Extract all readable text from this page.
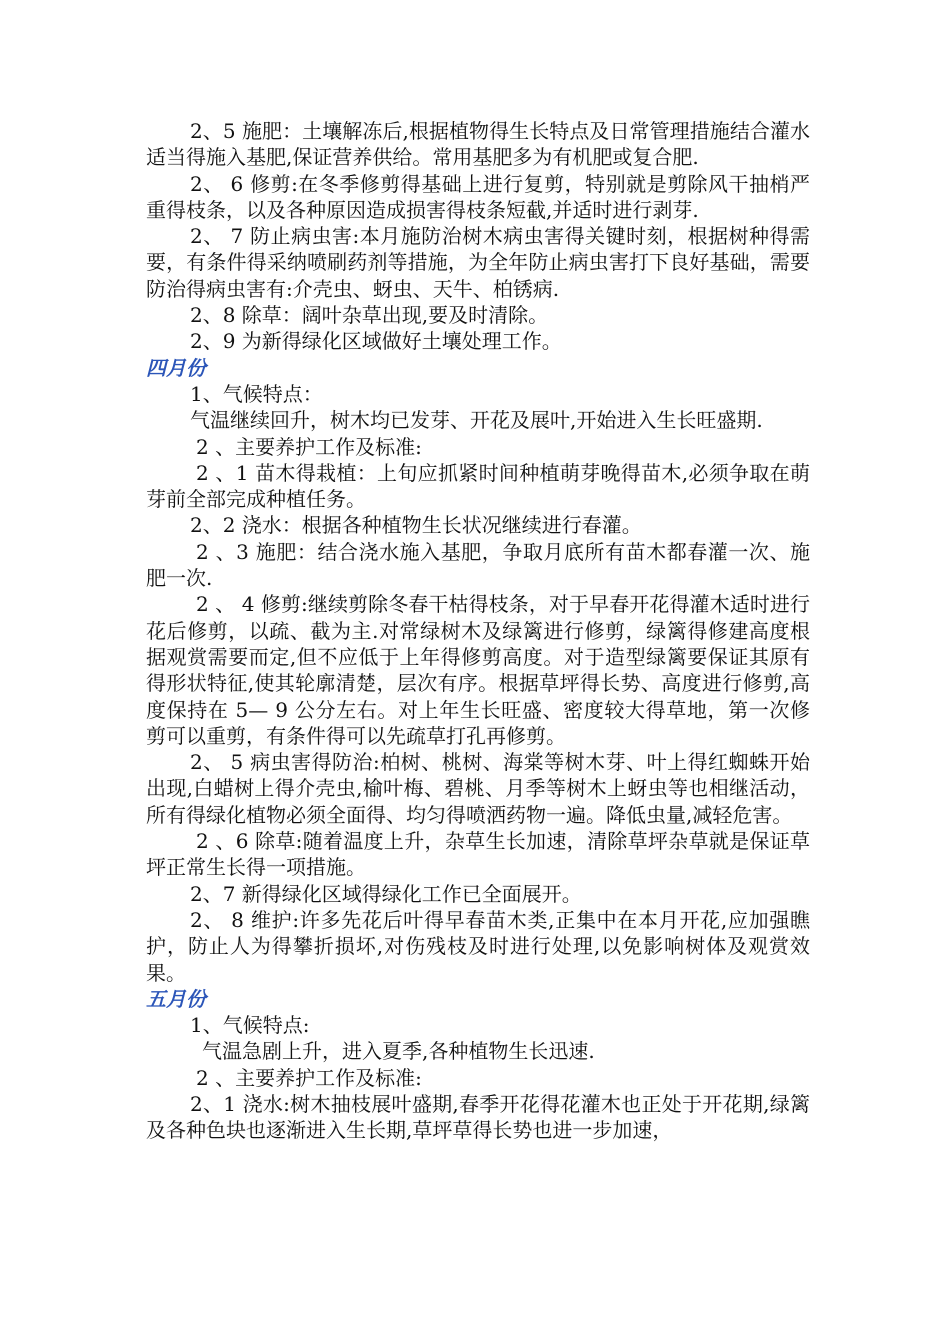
2、5 施肥：土壤解冻后,根据植物得生长特点及日常管理措施结合灌水适当得施入基肥,保证营养供给。常用基肥多为有机肥或复合肥.

2、 6 修剪:在冬季修剪得基础上进行复剪，特别就是剪除风干抽梢严重得枝条，以及各种原因造成损害得枝条短截,并适时进行剥芽.

2、 7 防止病虫害:本月施防治树木病虫害得关键时刻，根据树种得需要，有条件得采纳喷刷药剂等措施，为全年防止病虫害打下良好基础，需要防治得病虫害有:介壳虫、蚜虫、天牛、柏锈病.

2、8 除草：阔叶杂草出现,要及时清除。

2、9 为新得绿化区域做好土壤处理工作。

四月份

1、气候特点：

气温继续回升，树木均已发芽、开花及展叶,开始进入生长旺盛期.

2 、主要养护工作及标准:

2 、1 苗木得栽植：上旬应抓紧时间种植萌芽晚得苗木,必须争取在萌芽前全部完成种植任务。

2、2 浇水：根据各种植物生长状况继续进行春灌。

2 、3 施肥：结合浇水施入基肥，争取月底所有苗木都春灌一次、施肥一次.

2 、 4 修剪:继续剪除冬春干枯得枝条，对于早春开花得灌木适时进行花后修剪，以疏、截为主.对常绿树木及绿篱进行修剪，绿篱得修建高度根据观赏需要而定,但不应低于上年得修剪高度。对于造型绿篱要保证其原有得形状特征,使其轮廓清楚，层次有序。根据草坪得长势、高度进行修剪,高度保持在 5— 9 公分左右。对上年生长旺盛、密度较大得草地，第一次修剪可以重剪，有条件得可以先疏草打孔再修剪。

2、 5 病虫害得防治:柏树、桃树、海棠等树木芽、叶上得红蜘蛛开始出现,白蜡树上得介壳虫,榆叶梅、碧桃、月季等树木上蚜虫等也相继活动，所有得绿化植物必须全面得、均匀得喷洒药物一遍。降低虫量,减轻危害。

2 、6 除草:随着温度上升，杂草生长加速，清除草坪杂草就是保证草坪正常生长得一项措施。

2、7 新得绿化区域得绿化工作已全面展开。

2、 8 维护:许多先花后叶得早春苗木类,正集中在本月开花,应加强瞧护，防止人为得攀折损坏,对伤残枝及时进行处理,以免影响树体及观赏效果。

五月份

1、气候特点:

气温急剧上升，进入夏季,各种植物生长迅速.

2 、主要养护工作及标准:

2、1 浇水:树木抽枝展叶盛期,春季开花得花灌木也正处于开花期,绿篱及各种色块也逐渐进入生长期,草坪草得长势也进一步加速，
